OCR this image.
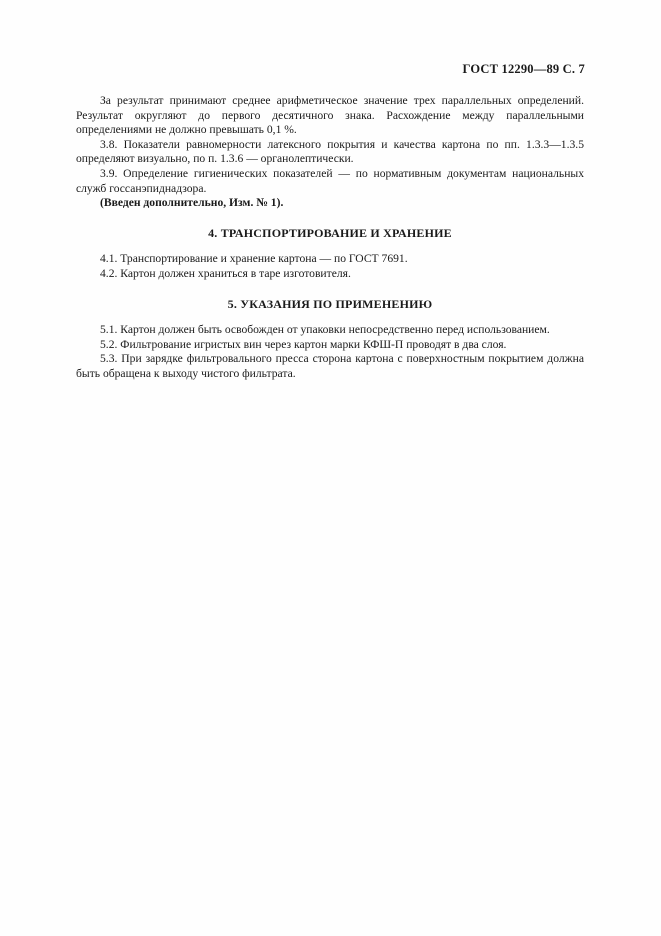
ГОСТ 12290—89 С. 7

За результат принимают среднее арифметическое значение трех параллельных определений. Результат округляют до первого десятичного знака. Расхождение между параллельными определениями не должно превышать 0,1 %.

3.8. Показатели равномерности латексного покрытия и качества картона по пп. 1.3.3—1.3.5 определяют визуально, по п. 1.3.6 — органолептически.

3.9. Определение гигиенических показателей — по нормативным документам национальных служб госсанэпиднадзора.

(Введен дополнительно, Изм. № 1).

4. ТРАНСПОРТИРОВАНИЕ И ХРАНЕНИЕ

4.1. Транспортирование и хранение картона — по ГОСТ 7691.

4.2. Картон должен храниться в таре изготовителя.

5. УКАЗАНИЯ ПО ПРИМЕНЕНИЮ

5.1. Картон должен быть освобожден от упаковки непосредственно перед использованием.

5.2. Фильтрование игристых вин через картон марки КФШ-П проводят в два слоя.

5.3. При зарядке фильтровального пресса сторона картона с поверхностным покрытием должна быть обращена к выходу чистого фильтрата.
